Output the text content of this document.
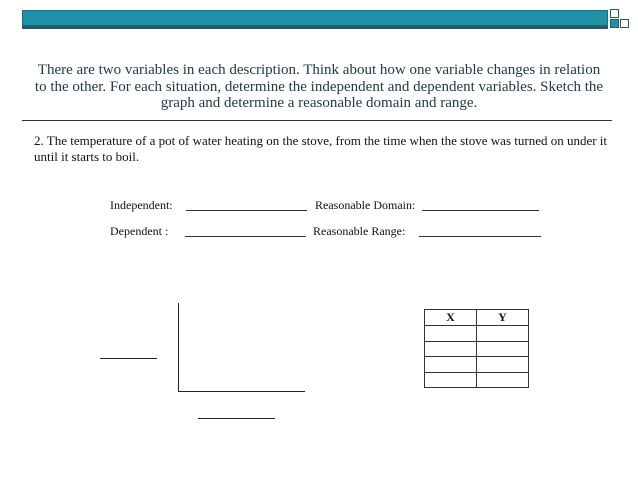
There are two variables in each description. Think about how one variable changes in relation to the other. For each situation, determine the independent and dependent variables. Sketch the graph and determine a reasonable domain and range.
2. The temperature of a pot of water heating on the stove, from the time when the stove was turned on under it until it starts to boil.
Independent:	Reasonable Domain:
Dependent :	Reasonable Range:
X	Y
